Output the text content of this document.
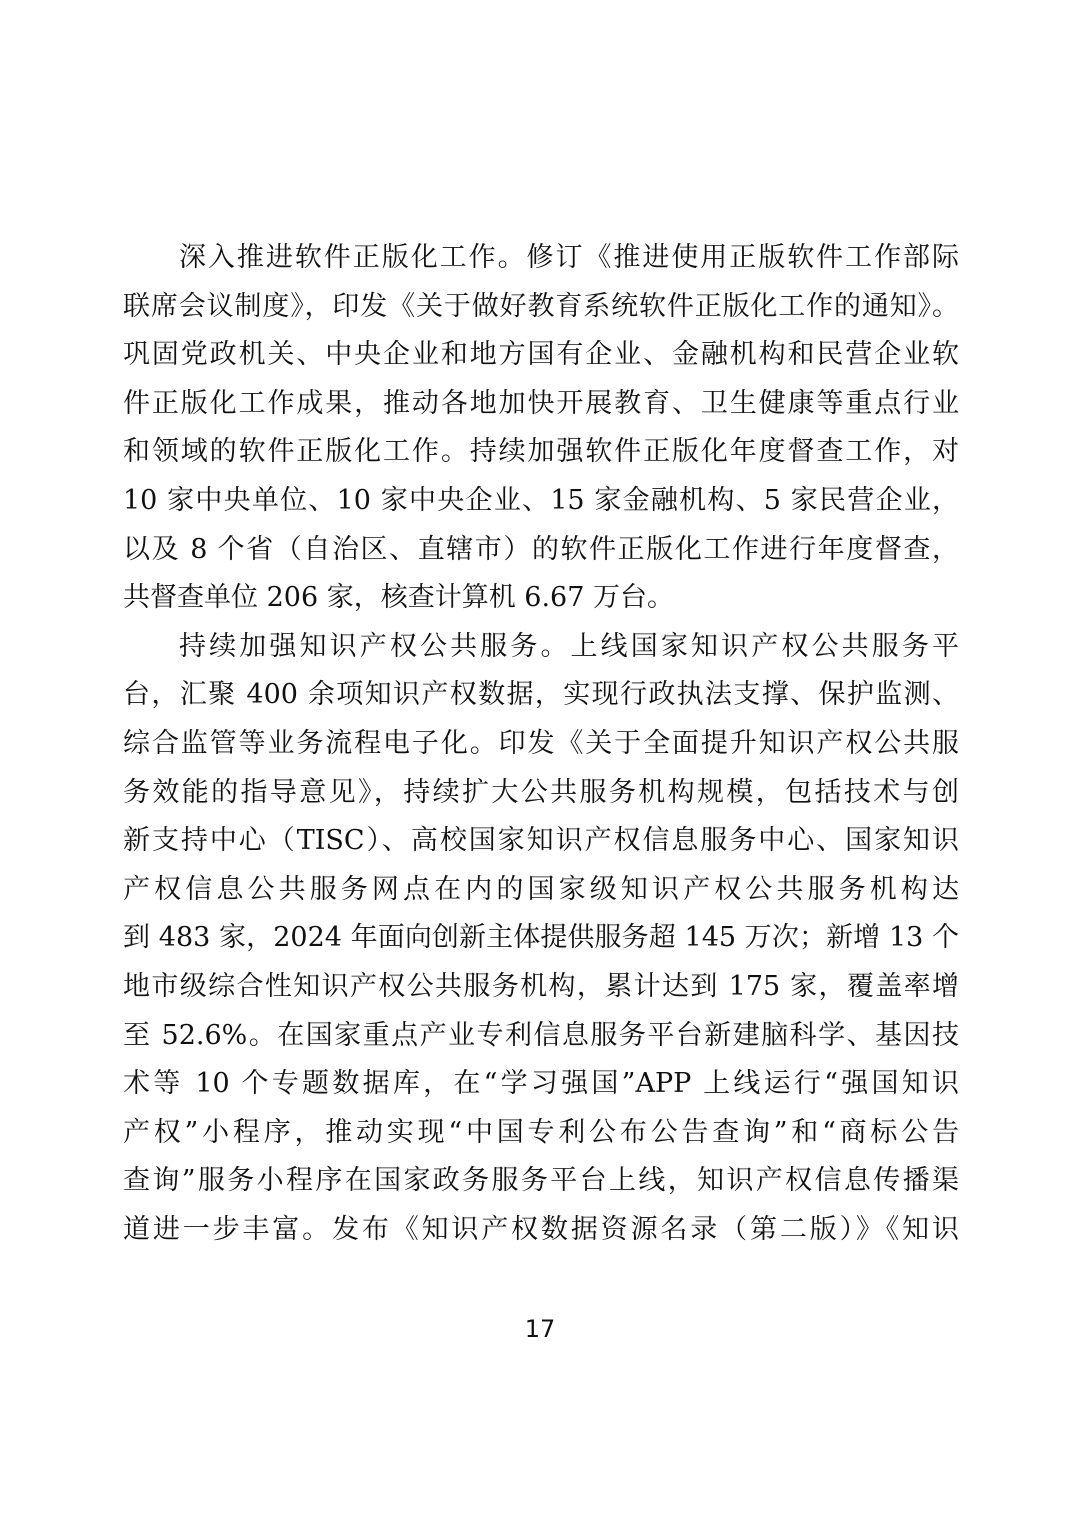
深入推进软件正版化工作。修订《推进使用正版软件工作部际
联席会议制度》，印发《关于做好教育系统软件正版化工作的通知》。
巩固党政机关、中央企业和地方国有企业、金融机构和民营企业软
件正版化工作成果，推动各地加快开展教育、卫生健康等重点行业
和领域的软件正版化工作。持续加强软件正版化年度督查工作，对
10 家中央单位、10 家中央企业、15 家金融机构、5 家民营企业，
以及 8 个省（自治区、直辖市）的软件正版化工作进行年度督查，
共督查单位 206 家，核查计算机 6.67 万台。
持续加强知识产权公共服务。上线国家知识产权公共服务平
台，汇聚 400 余项知识产权数据，实现行政执法支撑、保护监测、
综合监管等业务流程电子化。印发《关于全面提升知识产权公共服
务效能的指导意见》，持续扩大公共服务机构规模，包括技术与创
新支持中心（TISC）、高校国家知识产权信息服务中心、国家知识
产权信息公共服务网点在内的国家级知识产权公共服务机构达
到 483 家，2024 年面向创新主体提供服务超 145 万次；新增 13 个
地市级综合性知识产权公共服务机构，累计达到 175 家，覆盖率增
至 52.6%。在国家重点产业专利信息服务平台新建脑科学、基因技
术等 10 个专题数据库，在“学习强国”APP 上线运行“强国知识
产权”小程序，推动实现“中国专利公布公告查询”和“商标公告
查询”服务小程序在国家政务服务平台上线，知识产权信息传播渠
道进一步丰富。发布《知识产权数据资源名录（第二版）》《知识
17
